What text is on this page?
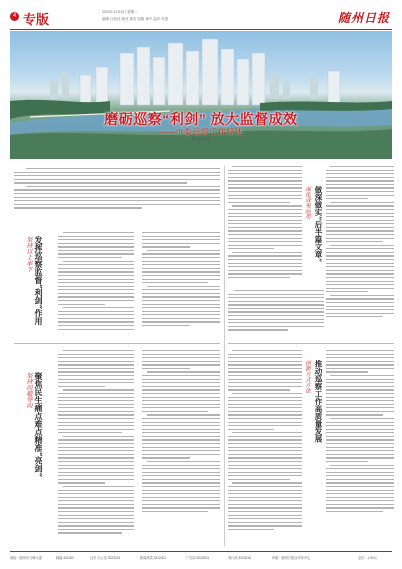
4 专版	2022年12月6日 星期二
编辑 汪佳伟 校对 龚雪 组版 黄中 监印 朱建	随州日报
磨砺巡察“利剑” 放大监督成效
——市委巡察工作综述
通讯员 余浩
坚持以上率下 发挥巡察监督“利剑”作用
坚持问题导向 聚焦民生痛点难点精准“亮剑”
深化成果运用 做深做实“后半篇文章”
创新方式方法 推动巡察工作高质量发展
地址：随州市文峰大道	邮编 441300	社长 办公室 3222013	新闻热线 3222021	广告部 3222023	发行部 3222016	印刷：随州日报社印务中心	定价：1.50元
